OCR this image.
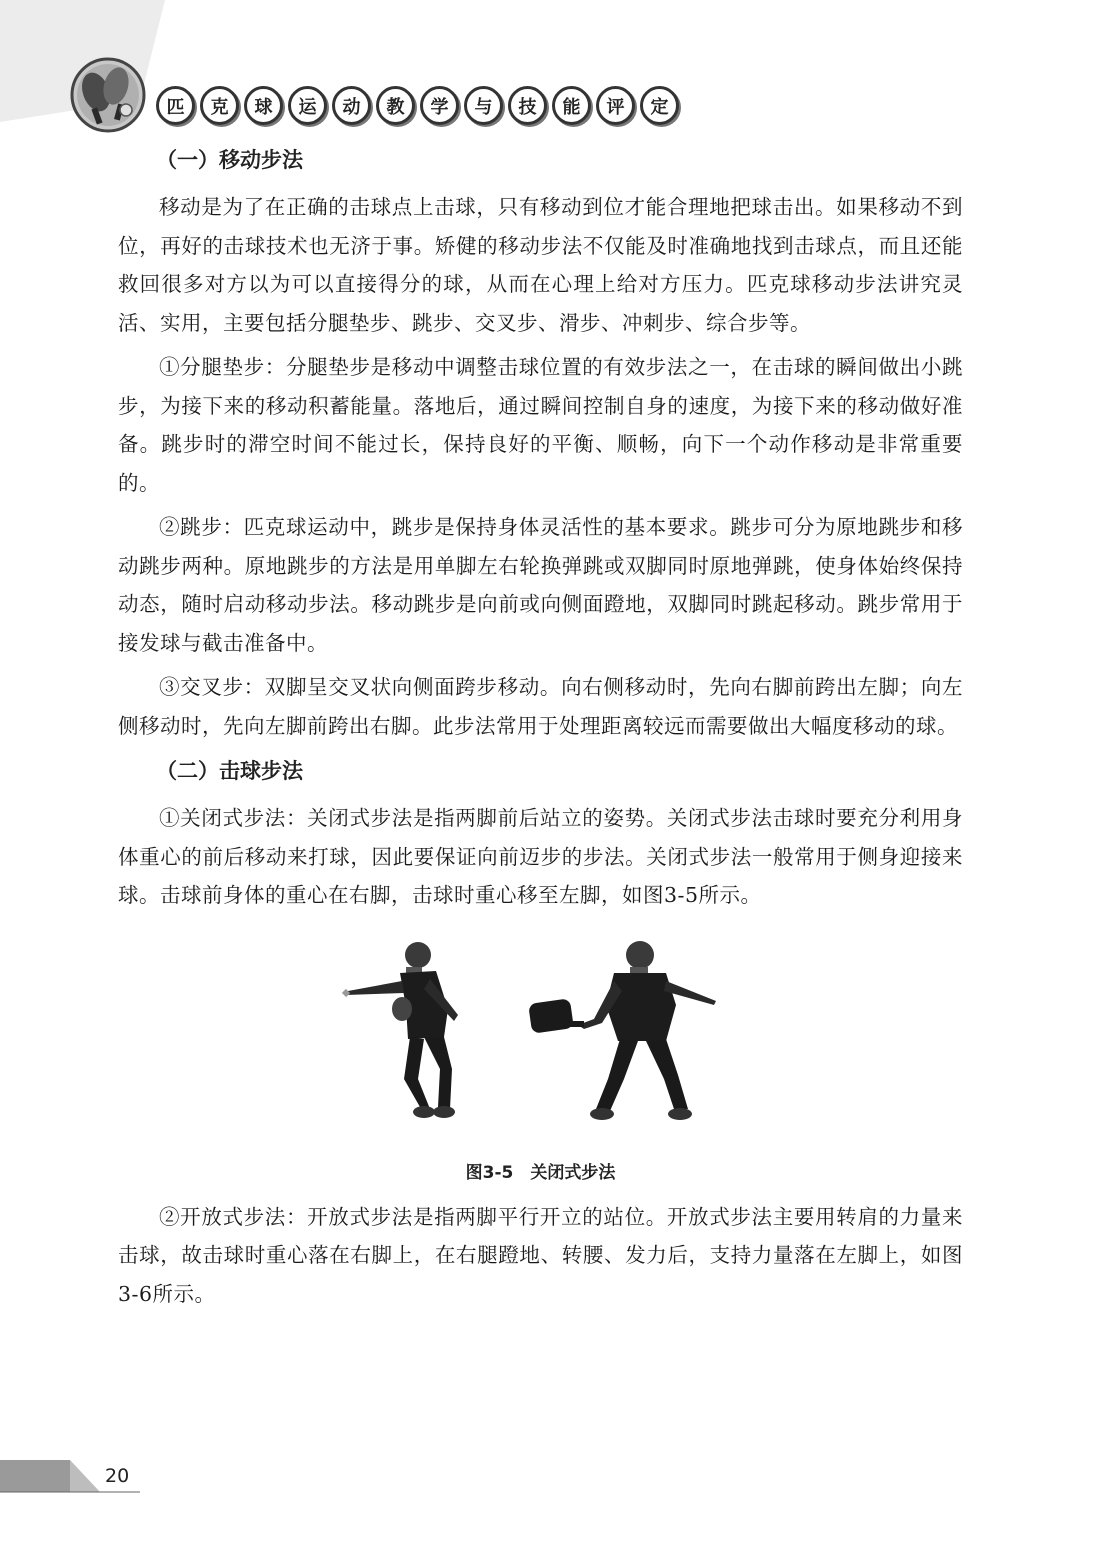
匹	克	球	运	动	教	学	与	技	能	评	定
（一）移动步法

移动是为了在正确的击球点上击球，只有移动到位才能合理地把球击出。如果移动不到位，再好的击球技术也无济于事。矫健的移动步法不仅能及时准确地找到击球点，而且还能救回很多对方以为可以直接得分的球，从而在心理上给对方压力。匹克球移动步法讲究灵活、实用，主要包括分腿垫步、跳步、交叉步、滑步、冲刺步、综合步等。

①分腿垫步：分腿垫步是移动中调整击球位置的有效步法之一，在击球的瞬间做出小跳步，为接下来的移动积蓄能量。落地后，通过瞬间控制自身的速度，为接下来的移动做好准备。跳步时的滞空时间不能过长，保持良好的平衡、顺畅，向下一个动作移动是非常重要的。

②跳步：匹克球运动中，跳步是保持身体灵活性的基本要求。跳步可分为原地跳步和移动跳步两种。原地跳步的方法是用单脚左右轮换弹跳或双脚同时原地弹跳，使身体始终保持动态，随时启动移动步法。移动跳步是向前或向侧面蹬地，双脚同时跳起移动。跳步常用于接发球与截击准备中。

③交叉步：双脚呈交叉状向侧面跨步移动。向右侧移动时，先向右脚前跨出左脚；向左侧移动时，先向左脚前跨出右脚。此步法常用于处理距离较远而需要做出大幅度移动的球。

（二）击球步法

①关闭式步法：关闭式步法是指两脚前后站立的姿势。关闭式步法击球时要充分利用身体重心的前后移动来打球，因此要保证向前迈步的步法。关闭式步法一般常用于侧身迎接来球。击球前身体的重心在右脚，击球时重心移至左脚，如图3-5所示。

图3-5　关闭式步法

②开放式步法：开放式步法是指两脚平行开立的站位。开放式步法主要用转肩的力量来击球，故击球时重心落在右脚上，在右腿蹬地、转腰、发力后，支持力量落在左脚上，如图3-6所示。

20
